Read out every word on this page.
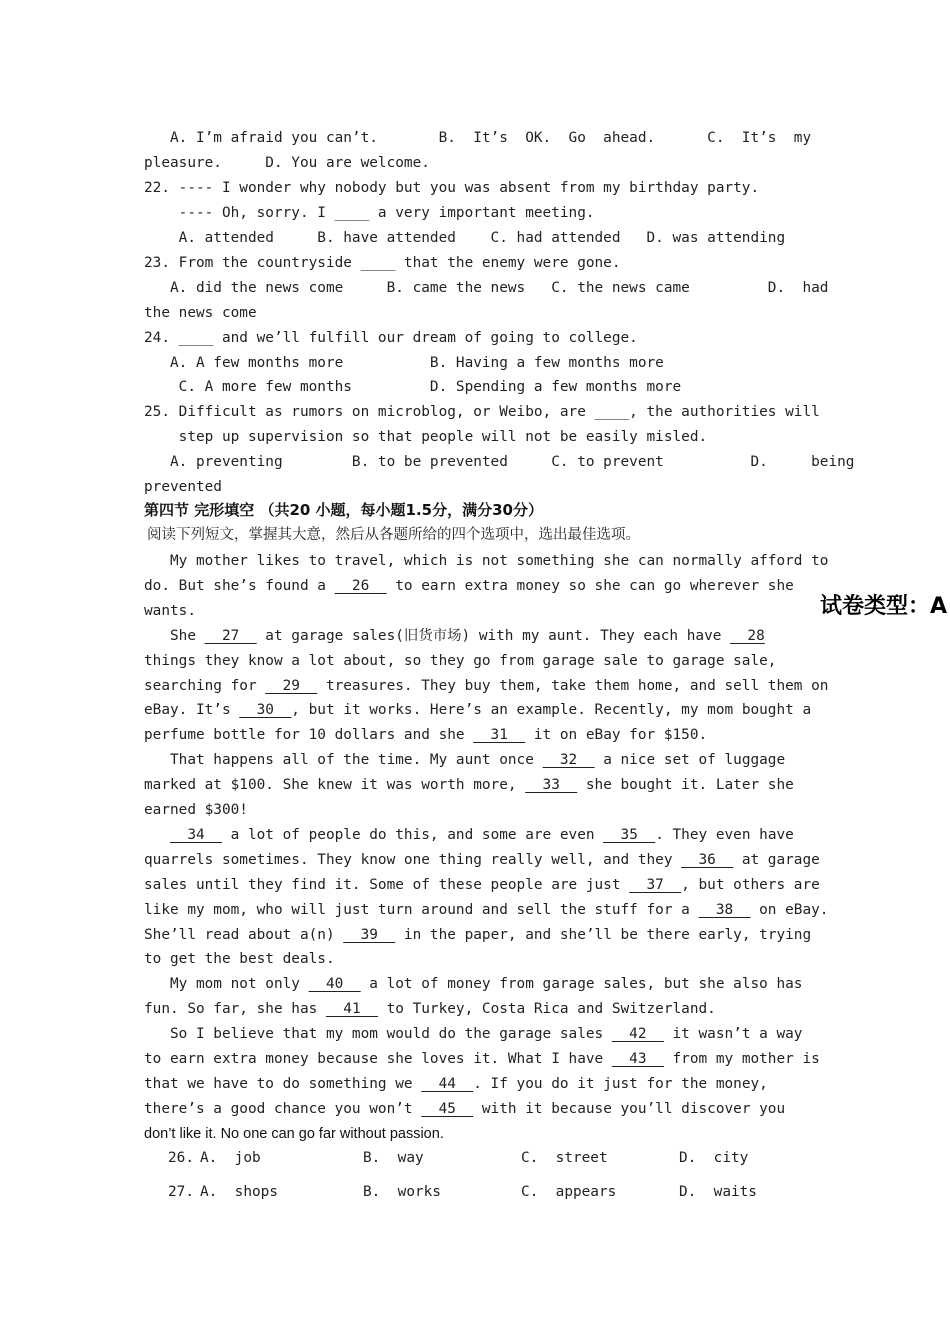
A. I’m afraid you can’t.       B.  It’s  OK.  Go  ahead.      C.  It’s  my
pleasure.     D. You are welcome.
22. ---- I wonder why nobody but you was absent from my birthday party.
---- Oh, sorry. I ____ a very important meeting.
A. attended     B. have attended    C. had attended   D. was attending
23. From the countryside ____ that the enemy were gone.
A. did the news come     B. came the news   C. the news came         D.  had
the news come
24. ____ and we’ll fulfill our dream of going to college.
A. A few months more          B. Having a few months more
C. A more few months         D. Spending a few months more
25. Difficult as rumors on microblog, or Weibo, are ____, the authorities will
step up supervision so that people will not be easily misled.
A. preventing        B. to be prevented     C. to prevent          D.     being
prevented
第四节 完形填空 （共20 小题，每小题1.5分，满分30分）
阅读下列短文，掌握其大意，然后从各题所给的四个选项中，选出最佳选项。
My mother likes to travel, which is not something she can normally afford to
do. But she’s found a __26__ to earn extra money so she can go wherever she
wants.
She __27__ at garage sales(旧货市场) with my aunt. They each have __28
things they know a lot about, so they go from garage sale to garage sale,
searching for __29__ treasures. They buy them, take them home, and sell them on
eBay. It’s __30__, but it works. Here’s an example. Recently, my mom bought a
perfume bottle for 10 dollars and she __31__ it on eBay for $150.
That happens all of the time. My aunt once __32__ a nice set of luggage
marked at $100. She knew it was worth more, __33__ she bought it. Later she
earned $300!
__34__ a lot of people do this, and some are even __35__. They even have
quarrels sometimes. They know one thing really well, and they __36__ at garage
sales until they find it. Some of these people are just __37__, but others are
like my mom, who will just turn around and sell the stuff for a __38__ on eBay.
She’ll read about a(n) __39__ in the paper, and she’ll be there early, trying
to get the best deals.
My mom not only __40__ a lot of money from garage sales, but she also has
fun. So far, she has __41__ to Turkey, Costa Rica and Switzerland.
So I believe that my mom would do the garage sales __42__ it wasn’t a way
to earn extra money because she loves it. What I have __43__ from my mother is
that we have to do something we __44__. If you do it just for the money,
there’s a good chance you won’t __45__ with it because you’ll discover you
don’t like it. No one can go far without passion.
26. A.  job	B.  way	C.  street	D.  city
27. A.  shops	B.  works	C.  appears	D.  waits
试卷类型：A
